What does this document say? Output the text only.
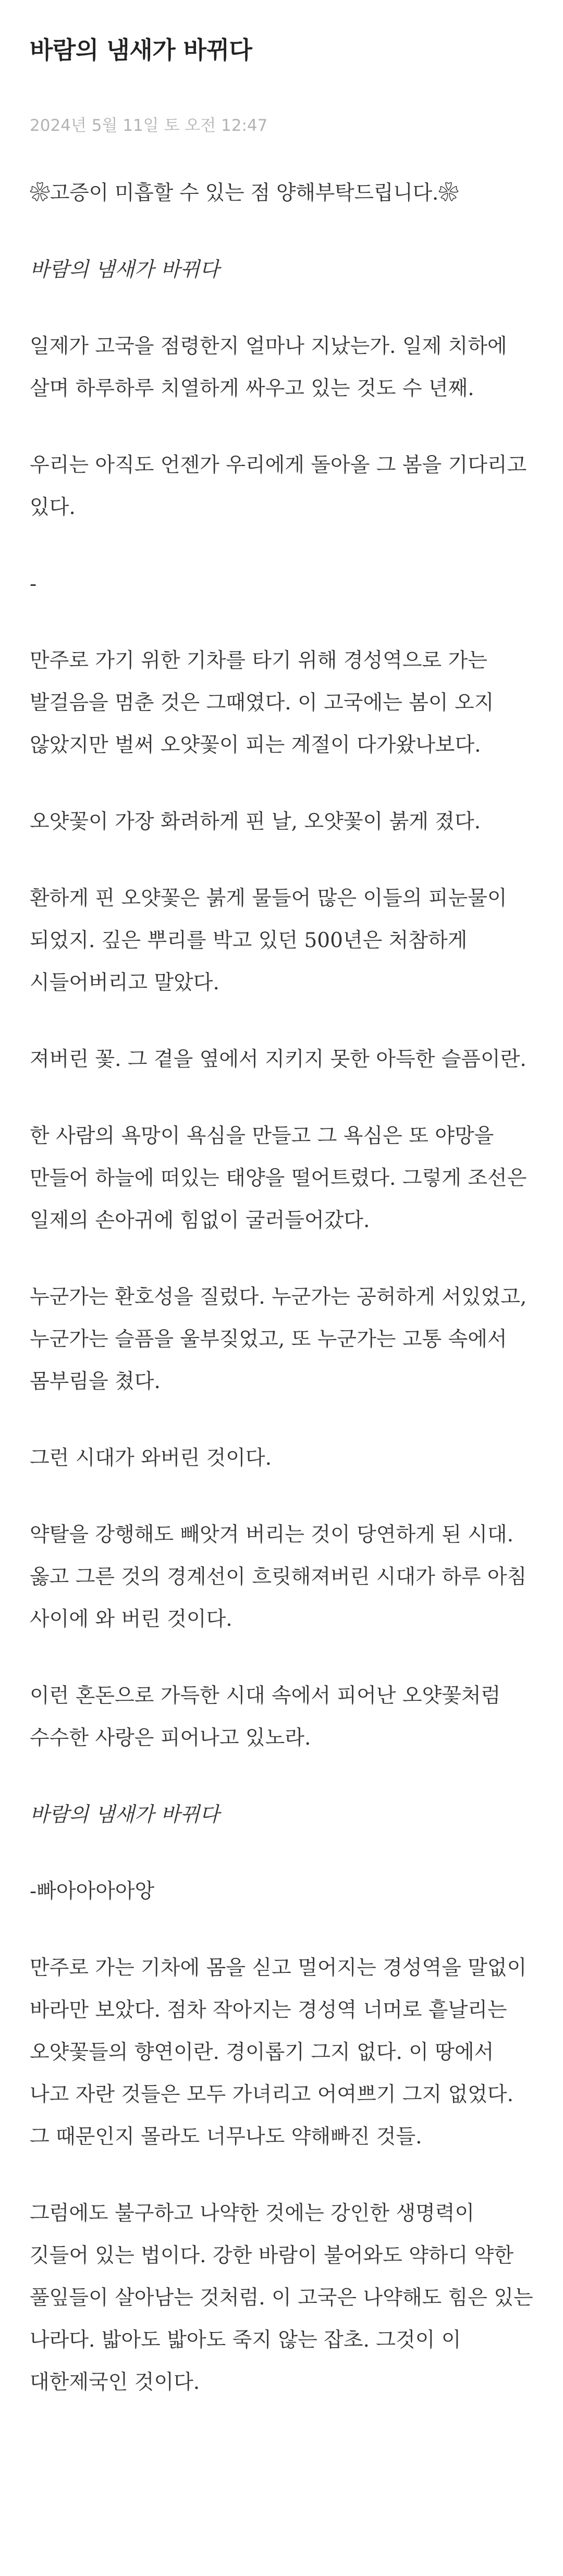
바람의 냄새가 바뀌다
2024년 5월 11일 토 오전 12:47

❀고증이 미흡할 수 있는 점 양해부탁드립니다.❀

바람의 냄새가 바뀌다

일제가 고국을 점령한지 얼마나 지났는가. 일제 치하에 살며 하루하루 치열하게 싸우고 있는 것도 수 년째.

우리는 아직도 언젠가 우리에게 돌아올 그 봄을 기다리고 있다.

-

만주로 가기 위한 기차를 타기 위해 경성역으로 가는 발걸음을 멈춘 것은 그때였다. 이 고국에는 봄이 오지 않았지만 벌써 오얏꽃이 피는 계절이 다가왔나보다.

오얏꽃이 가장 화려하게 핀 날, 오얏꽃이 붉게 졌다.

환하게 핀 오얏꽃은 붉게 물들어 많은 이들의 피눈물이 되었지. 깊은 뿌리를 박고 있던 500년은 처참하게 시들어버리고 말았다.

져버린 꽃. 그 곁을 옆에서 지키지 못한 아득한 슬픔이란.

한 사람의 욕망이 욕심을 만들고 그 욕심은 또 야망을 만들어 하늘에 떠있는 태양을 떨어트렸다. 그렇게 조선은 일제의 손아귀에 힘없이 굴러들어갔다.

누군가는 환호성을 질렀다. 누군가는 공허하게 서있었고, 누군가는 슬픔을 울부짖었고, 또 누군가는 고통 속에서 몸부림을 쳤다.

그런 시대가 와버린 것이다.

약탈을 강행해도 빼앗겨 버리는 것이 당연하게 된 시대. 옳고 그른 것의 경계선이 흐릿해져버린 시대가 하루 아침 사이에 와 버린 것이다.

이런 혼돈으로 가득한 시대 속에서 피어난 오얏꽃처럼 수수한 사랑은 피어나고 있노라.

바람의 냄새가 바뀌다

-빠아아아아앙

만주로 가는 기차에 몸을 싣고 멀어지는 경성역을 말없이 바라만 보았다. 점차 작아지는 경성역 너머로 흩날리는 오얏꽃들의 향연이란. 경이롭기 그지 없다. 이 땅에서 나고 자란 것들은 모두 가녀리고 어여쁘기 그지 없었다. 그 때문인지 몰라도 너무나도 약해빠진 것들.

그럼에도 불구하고 나약한 것에는 강인한 생명력이 깃들어 있는 법이다. 강한 바람이 불어와도 약하디 약한 풀잎들이 살아남는 것처럼. 이 고국은 나약해도 힘은 있는 나라다. 밟아도 밟아도 죽지 않는 잡초. 그것이 이 대한제국인 것이다.
